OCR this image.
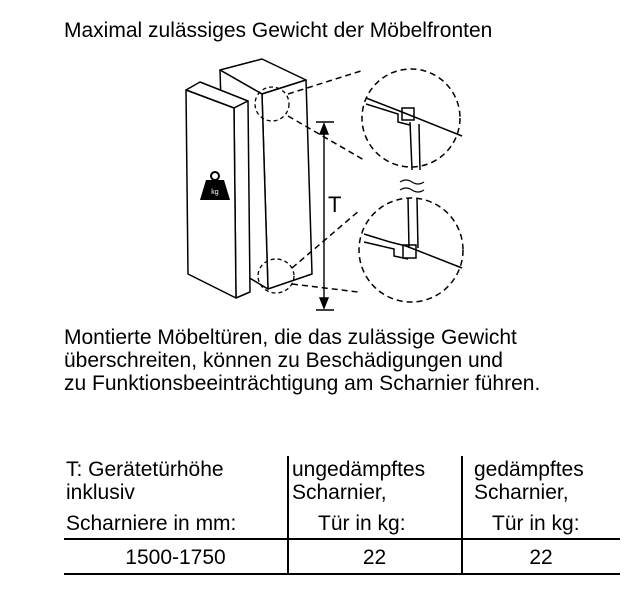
Maximal zulässiges Gewicht der Möbelfronten
T
kg
Montierte Möbeltüren, die das zulässige Gewicht
überschreiten, können zu Beschädigungen und
zu Funktionsbeeinträchtigung am Scharnier führen.
T: Gerätetürhöhe
inklusiv
Scharniere in mm:
ungedämpftes
Scharnier,
Tür in kg:
gedämpftes
Scharnier,
Tür in kg:
1500-1750	22	22
